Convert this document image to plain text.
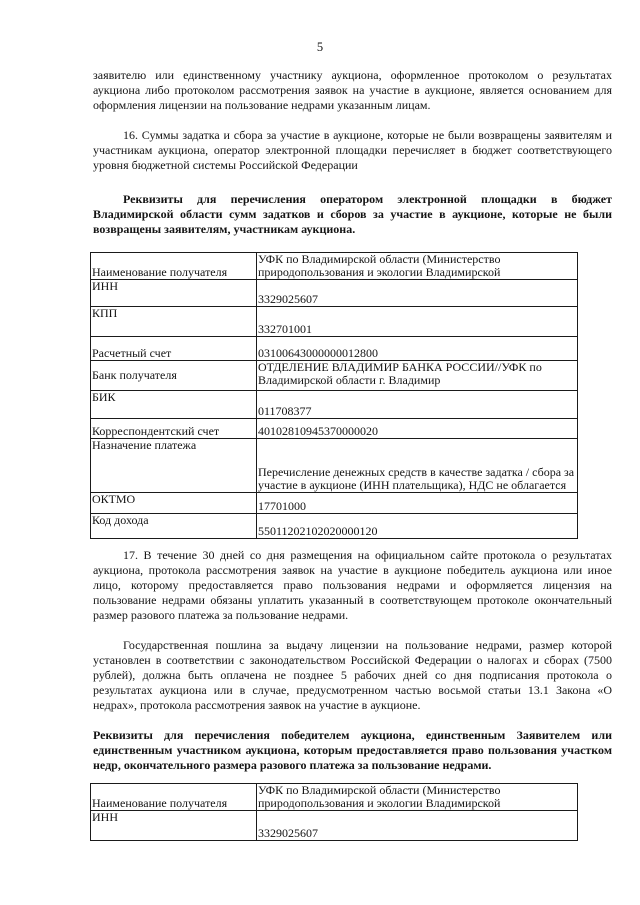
5

заявителю или единственному участнику аукциона, оформленное протоколом о результатах аукциона либо протоколом рассмотрения заявок на участие в аукционе, является основанием для оформления лицензии на пользование недрами указанным лицам.

16. Суммы задатка и сбора за участие в аукционе, которые не были возвращены заявителям и участникам аукциона, оператор электронной площадки перечисляет в бюджет соответствующего уровня бюджетной системы Российской Федерации

Реквизиты для перечисления оператором электронной площадки в бюджет Владимирской области сумм задатков и сборов за участие в аукционе, которые не были возвращены заявителям, участникам аукциона.

Наименование получателя	УФК по Владимирской области (Министерство природопользования и экологии Владимирской
ИНН	3329025607
КПП	332701001
Расчетный счет	03100643000000012800
Банк получателя	ОТДЕЛЕНИЕ ВЛАДИМИР БАНКА РОССИИ//УФК по Владимирской области г. Владимир
БИК	011708377
Корреспондентский счет	40102810945370000020
Назначение платежа	Перечисление денежных средств в качестве задатка / сбора за участие в аукционе (ИНН плательщика), НДС не облагается
ОКТМО	17701000
Код дохода	55011202102020000120

17. В течение 30 дней со дня размещения на официальном сайте протокола о результатах аукциона, протокола рассмотрения заявок на участие в аукционе победитель аукциона или иное лицо, которому предоставляется право пользования недрами и оформляется лицензия на пользование недрами обязаны уплатить указанный в соответствующем протоколе окончательный размер разового платежа за пользование недрами.

Государственная пошлина за выдачу лицензии на пользование недрами, размер которой установлен в соответствии с законодательством Российской Федерации о налогах и сборах (7500 рублей), должна быть оплачена не позднее 5 рабочих дней со дня подписания протокола о результатах аукциона или в случае, предусмотренном частью восьмой статьи 13.1 Закона «О недрах», протокола рассмотрения заявок на участие в аукционе.

Реквизиты для перечисления победителем аукциона, единственным Заявителем или единственным участником аукциона, которым предоставляется право пользования участком недр, окончательного размера разового платежа за пользование недрами.

Наименование получателя	УФК по Владимирской области (Министерство природопользования и экологии Владимирской
ИНН	3329025607
